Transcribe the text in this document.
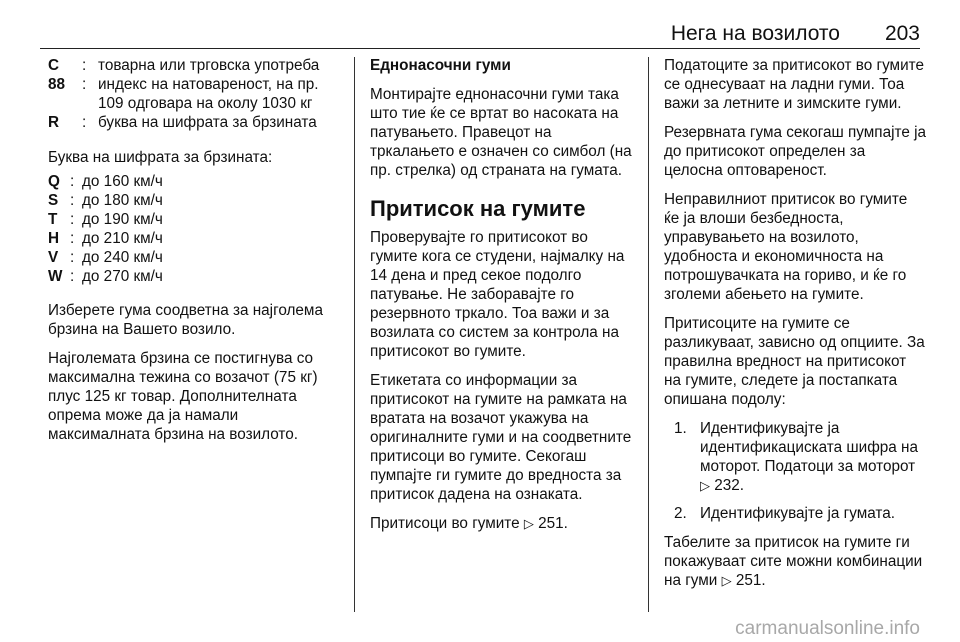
Нега на возилото 203
C	: товарна или трговска употреба
88	: индекс на натовареност, на пр. 109 одговара на околу 1030 кг
R	: буква на шифрата за брзината

Буква на шифрата за брзината:

Q : до 160 км/ч
S : до 180 км/ч
T : до 190 км/ч
H : до 210 км/ч
V : до 240 км/ч
W : до 270 км/ч

Изберете гума соодветна за најголема брзина на Вашето возило.

Најголемата брзина се постигнува со максимална тежина со возачот (75 кг) плус 125 кг товар. Дополнителната опрема може да ја намали максималната брзина на возилото.

Еднонасочни гуми

Монтирајте еднонасочни гуми така што тие ќе се вртат во насоката на патувањето. Правецот на тркалањето е означен со симбол (на пр. стрелка) од страната на гумата.

Притисок на гумите

Проверувајте го притисокот во гумите кога се студени, најмалку на 14 дена и пред секое подолго патување. Не заборавајте го резервното тркало. Тоа важи и за возилата со систем за контрола на притисокот во гумите.

Етикетата со информации за притисокот на гумите на рамката на вратата на возачот укажува на оригиналните гуми и на соодветните притисоци во гумите. Секогаш пумпајте ги гумите до вредноста за притисок дадена на ознаката.

Притисоци во гумите ▷ 251.

Податоците за притисокот во гумите се однесуваат на ладни гуми. Тоа важи за летните и зимските гуми.

Резервната гума секогаш пумпајте ја до притисокот определен за целосна оптовареност.

Неправилниот притисок во гумите ќе ја влоши безбедноста, управувањето на возилото, удобноста и економичноста на потрошувачката на гориво, и ќе го зголеми абењето на гумите.

Притисоците на гумите се разликуваат, зависно од опциите. За правилна вредност на притисокот на гумите, следете ја постапката опишана подолу:

1. Идентификувајте ја идентификациската шифра на моторот. Податоци за моторот ▷ 232.
2. Идентификувајте ја гумата.

Табелите за притисок на гумите ги покажуваат сите можни комбинации на гуми ▷ 251.

carmanualsonline.info
